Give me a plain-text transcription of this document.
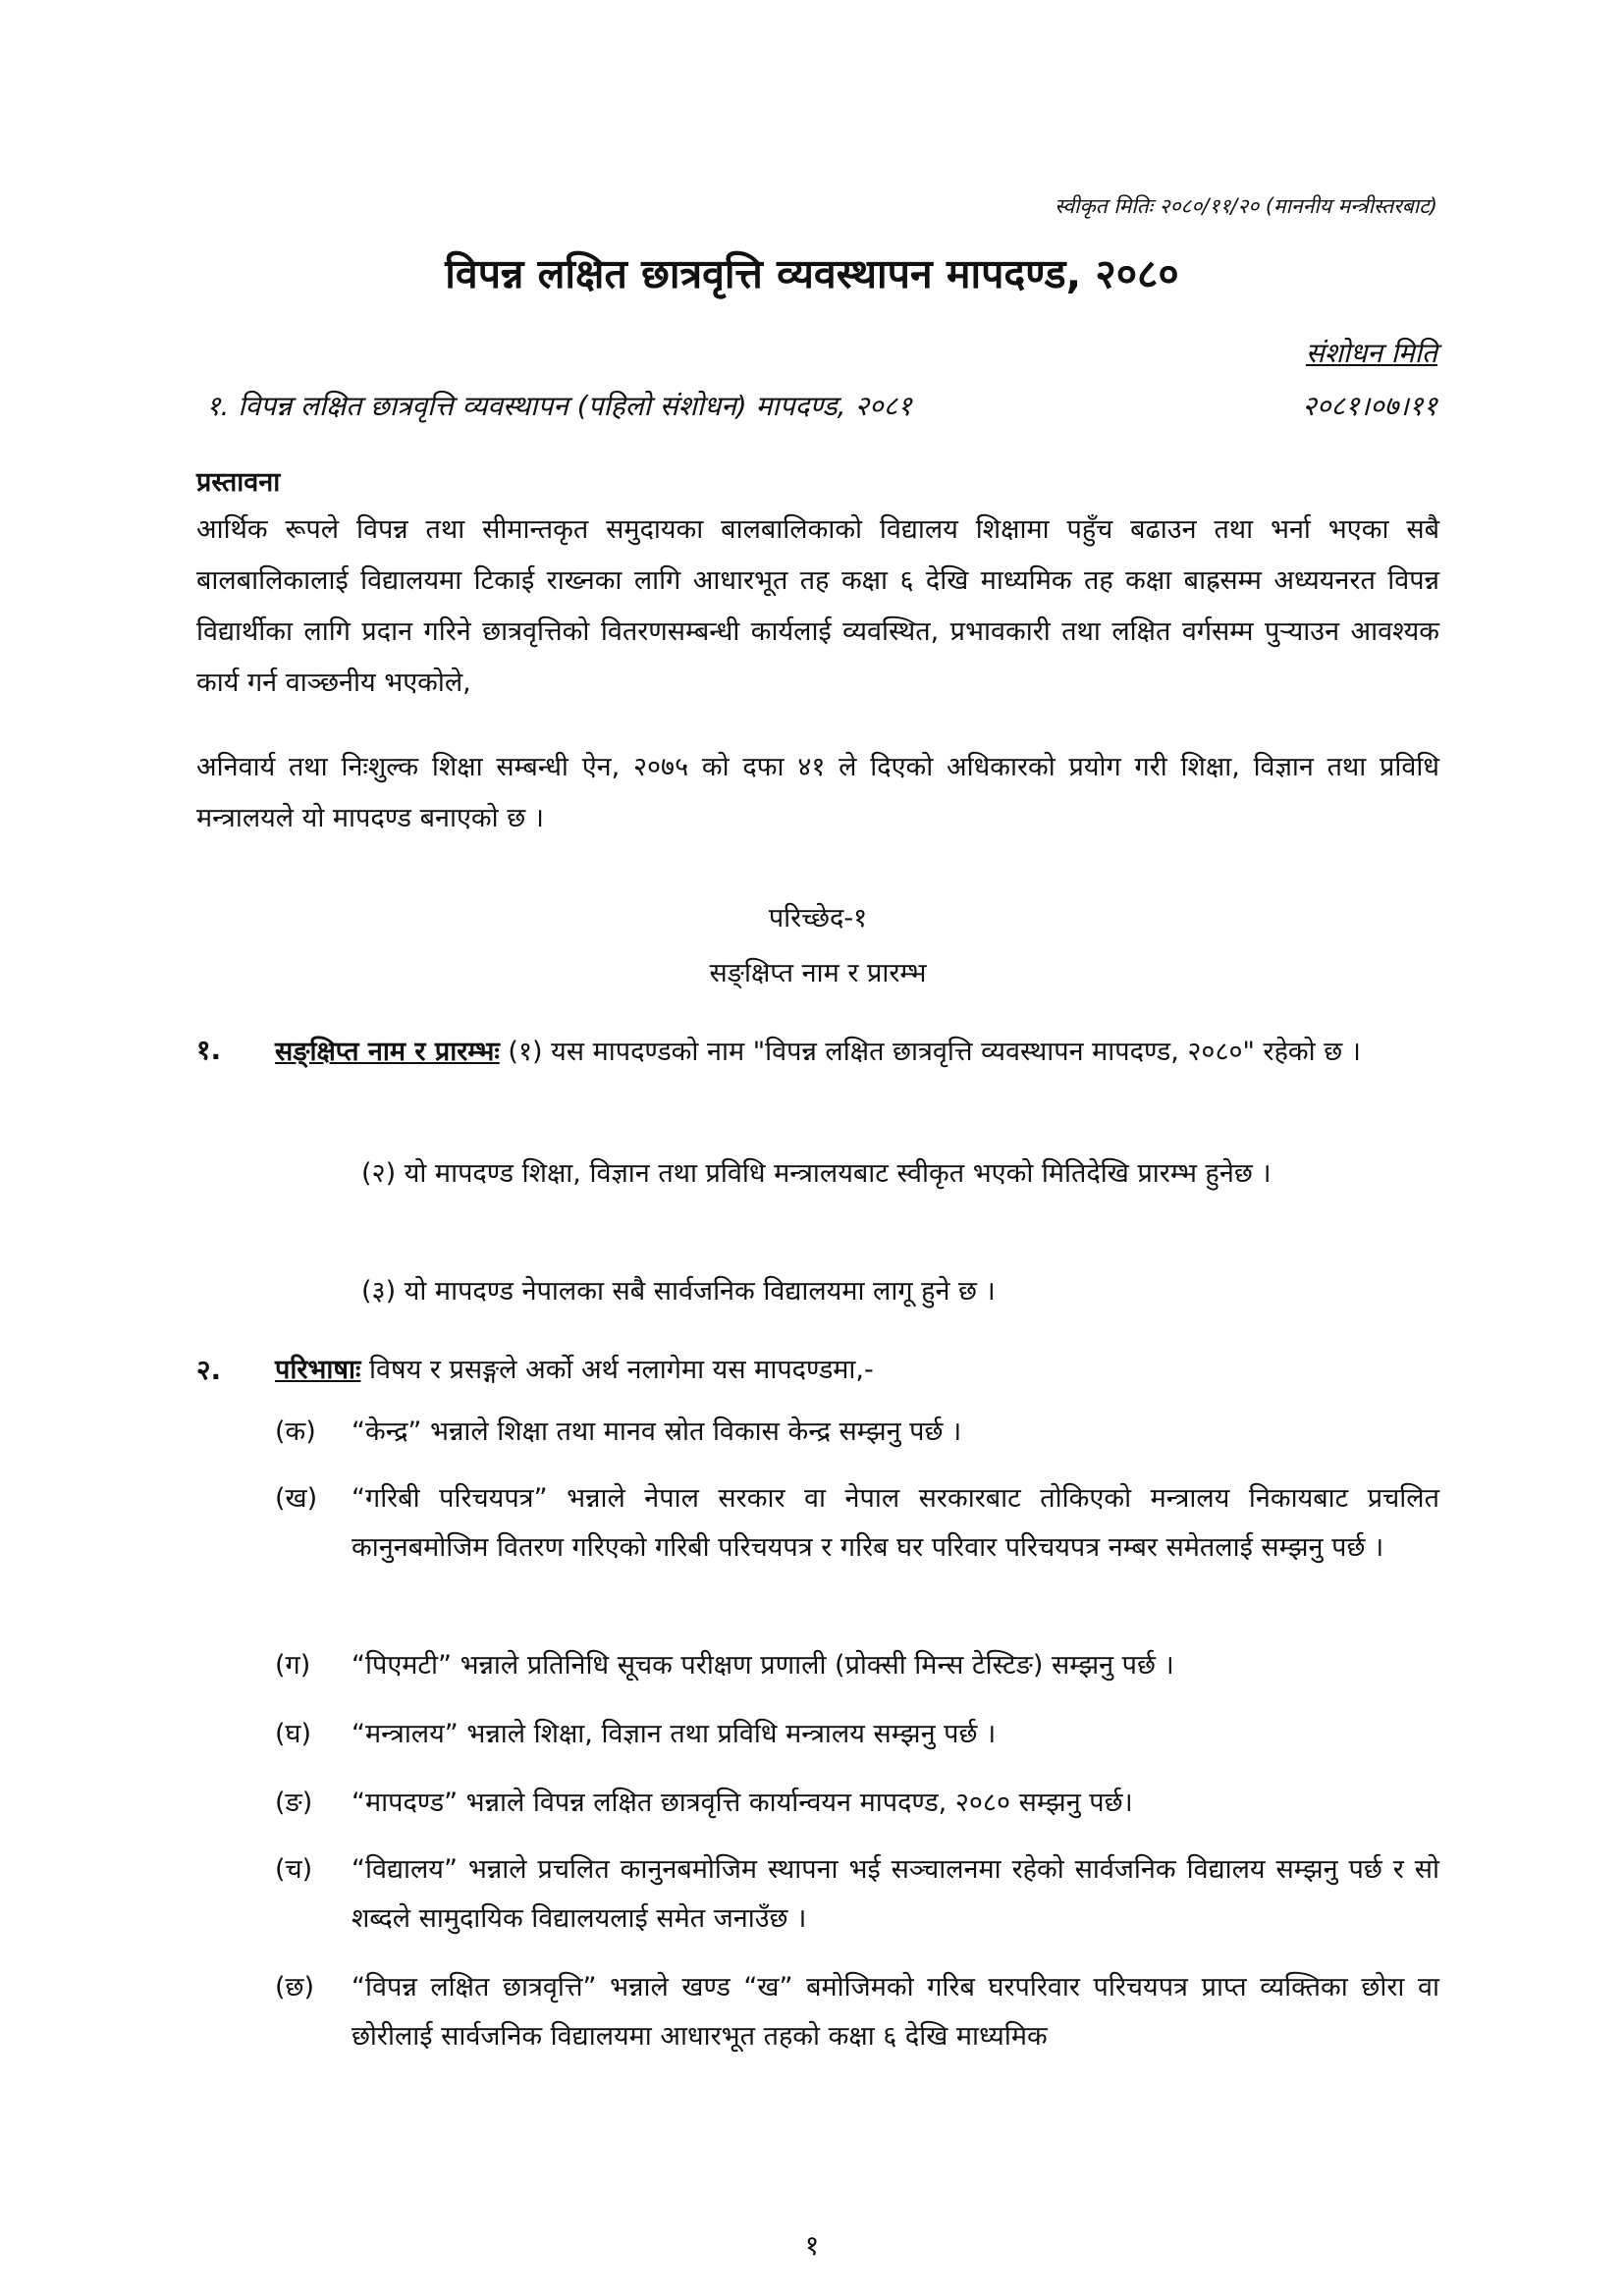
स्वीकृत मितिः २०८०/११/२० (माननीय मन्त्रीस्तरबाट)
विपन्न लक्षित छात्रवृत्ति व्यवस्थापन मापदण्ड, २०८०
संशोधन मिति
१. विपन्न लक्षित छात्रवृत्ति व्यवस्थापन (पहिलो संशोधन) मापदण्ड, २०८१	२०८१।०७।११
प्रस्तावना
आर्थिक रूपले विपन्न तथा सीमान्तकृत समुदायका बालबालिकाको विद्यालय शिक्षामा पहुँच बढाउन तथा भर्ना भएका सबै बालबालिकालाई विद्यालयमा टिकाई राख्नका लागि आधारभूत तह कक्षा ६ देखि माध्यमिक तह कक्षा बाह्रसम्म अध्ययनरत विपन्न विद्यार्थीका लागि प्रदान गरिने छात्रवृत्तिको वितरणसम्बन्धी कार्यलाई व्यवस्थित, प्रभावकारी तथा लक्षित वर्गसम्म पुर्‍याउन आवश्यक कार्य गर्न वाञ्छनीय भएकोले,
अनिवार्य तथा निःशुल्क शिक्षा सम्बन्धी ऐन, २०७५ को दफा ४१ ले दिएको अधिकारको प्रयोग गरी शिक्षा, विज्ञान तथा प्रविधि मन्त्रालयले यो मापदण्ड बनाएको छ ।
परिच्छेद-१
सङ्क्षिप्त नाम र प्रारम्भ
१. सङ्क्षिप्त नाम र प्रारम्भः (१) यस मापदण्डको नाम "विपन्न लक्षित छात्रवृत्ति व्यवस्थापन मापदण्ड, २०८०" रहेको छ ।
(२) यो मापदण्ड शिक्षा, विज्ञान तथा प्रविधि मन्त्रालयबाट स्वीकृत भएको मितिदेखि प्रारम्भ हुनेछ ।
(३) यो मापदण्ड नेपालका सबै सार्वजनिक विद्यालयमा लागू हुने छ ।
२. परिभाषाः विषय र प्रसङ्गले अर्को अर्थ नलागेमा यस मापदण्डमा,-
(क) “केन्द्र” भन्नाले शिक्षा तथा मानव स्रोत विकास केन्द्र सम्झनु पर्छ ।
(ख) “गरिबी परिचयपत्र” भन्नाले नेपाल सरकार वा नेपाल सरकारबाट तोकिएको मन्त्रालय निकायबाट प्रचलित कानुनबमोजिम वितरण गरिएको गरिबी परिचयपत्र र गरिब घर परिवार परिचयपत्र नम्बर समेतलाई सम्झनु पर्छ ।
(ग) “पिएमटी” भन्नाले प्रतिनिधि सूचक परीक्षण प्रणाली (प्रोक्सी मिन्स टेस्टिङ) सम्झनु पर्छ ।
(घ) “मन्त्रालय” भन्नाले शिक्षा, विज्ञान तथा प्रविधि मन्त्रालय सम्झनु पर्छ ।
(ङ) “मापदण्ड” भन्नाले विपन्न लक्षित छात्रवृत्ति कार्यान्वयन मापदण्ड, २०८० सम्झनु पर्छ।
(च) “विद्यालय” भन्नाले प्रचलित कानुनबमोजिम स्थापना भई सञ्चालनमा रहेको सार्वजनिक विद्यालय सम्झनु पर्छ र सो शब्दले सामुदायिक विद्यालयलाई समेत जनाउँछ ।
(छ) “विपन्न लक्षित छात्रवृत्ति” भन्नाले खण्ड “ख” बमोजिमको गरिब घरपरिवार परिचयपत्र प्राप्त व्यक्तिका छोरा वा छोरीलाई सार्वजनिक विद्यालयमा आधारभूत तहको कक्षा ६ देखि माध्यमिक
१
